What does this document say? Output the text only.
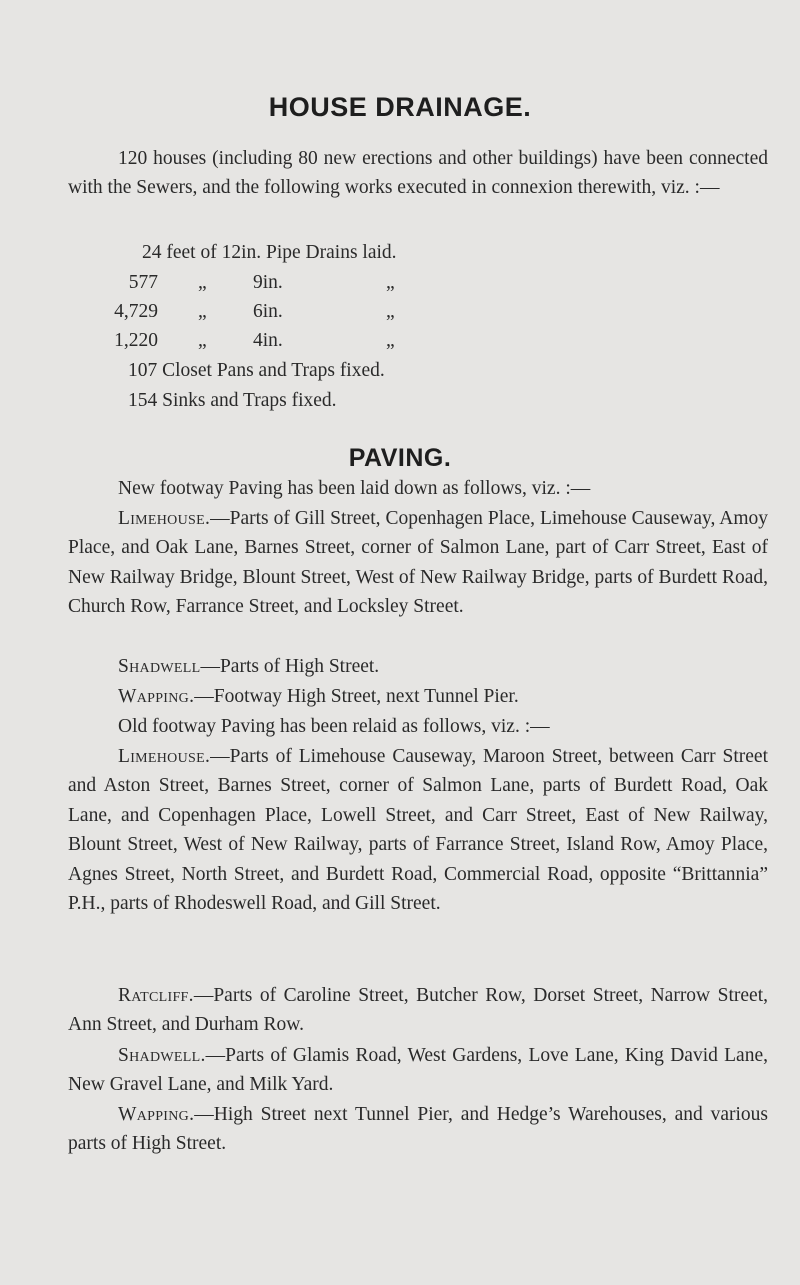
HOUSE DRAINAGE.

120 houses (including 80 new erections and other buildings) have been connected with the Sewers, and the following works executed in connexion therewith, viz. :—

24 feet of 12in. Pipe Drains laid.
577 „ 9in.	„
4,729 „ 6in.	„
1,220 „ 4in.	„
107 Closet Pans and Traps fixed.
154 Sinks and Traps fixed.
PAVING.
New footway Paving has been laid down as follows, viz. :—

Limehouse.—Parts of Gill Street, Copenhagen Place, Limehouse Causeway, Amoy Place, and Oak Lane, Barnes Street, corner of Salmon Lane, part of Carr Street, East of New Railway Bridge, Blount Street, West of New Railway Bridge, parts of Burdett Road, Church Row, Farrance Street, and Locksley Street.

Shadwell—Parts of High Street.

Wapping.—Footway High Street, next Tunnel Pier.

Old footway Paving has been relaid as follows, viz. :—

Limehouse.—Parts of Limehouse Causeway, Maroon Street, between Carr Street and Aston Street, Barnes Street, corner of Salmon Lane, parts of Burdett Road, Oak Lane, and Copenhagen Place, Lowell Street, and Carr Street, East of New Railway, Blount Street, West of New Railway, parts of Farrance Street, Island Row, Amoy Place, Agnes Street, North Street, and Burdett Road, Commercial Road, opposite “Brittannia” P.H., parts of Rhodeswell Road, and Gill Street.

Ratcliff.—Parts of Caroline Street, Butcher Row, Dorset Street, Narrow Street, Ann Street, and Durham Row.

Shadwell.—Parts of Glamis Road, West Gardens, Love Lane, King David Lane, New Gravel Lane, and Milk Yard.

Wapping.—High Street next Tunnel Pier, and Hedge’s Warehouses, and various parts of High Street.
